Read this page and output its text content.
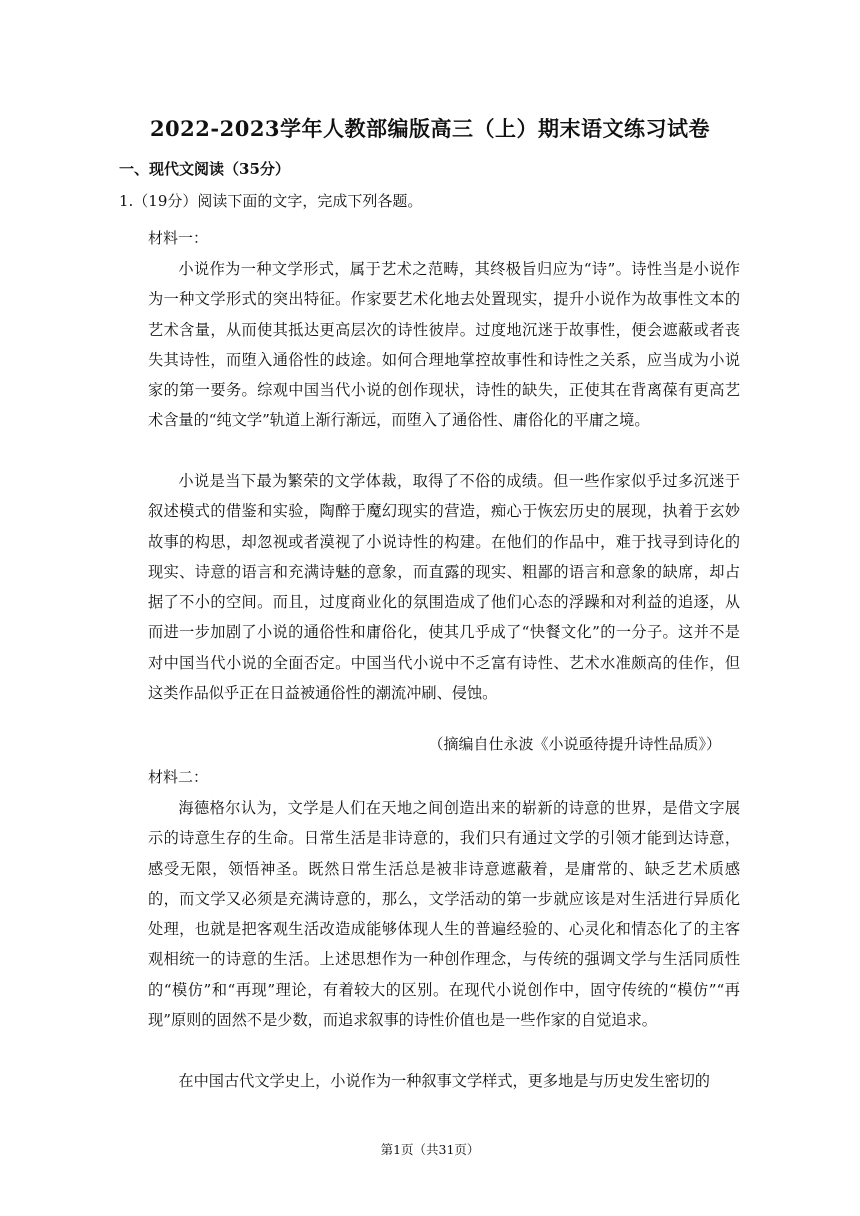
2022-2023学年人教部编版高三（上）期末语文练习试卷
一、现代文阅读（35分）
1.（19分）阅读下面的文字，完成下列各题。
材料一：

小说作为一种文学形式，属于艺术之范畴，其终极旨归应为“诗”。诗性当是小说作为一种文学形式的突出特征。作家要艺术化地去处置现实，提升小说作为故事性文本的艺术含量，从而使其抵达更高层次的诗性彼岸。过度地沉迷于故事性，便会遮蔽或者丧失其诗性，而堕入通俗性的歧途。如何合理地掌控故事性和诗性之关系，应当成为小说家的第一要务。综观中国当代小说的创作现状，诗性的缺失，正使其在背离葆有更高艺术含量的“纯文学”轨道上渐行渐远，而堕入了通俗性、庸俗化的平庸之境。

小说是当下最为繁荣的文学体裁，取得了不俗的成绩。但一些作家似乎过多沉迷于叙述模式的借鉴和实验，陶醉于魔幻现实的营造，痴心于恢宏历史的展现，执着于玄妙故事的构思，却忽视或者漠视了小说诗性的构建。在他们的作品中，难于找寻到诗化的现实、诗意的语言和充满诗魅的意象，而直露的现实、粗鄙的语言和意象的缺席，却占据了不小的空间。而且，过度商业化的氛围造成了他们心态的浮躁和对利益的追逐，从而进一步加剧了小说的通俗性和庸俗化，使其几乎成了“快餐文化”的一分子。这并不是对中国当代小说的全面否定。中国当代小说中不乏富有诗性、艺术水准颇高的佳作，但这类作品似乎正在日益被通俗性的潮流冲刷、侵蚀。

（摘编自仕永波《小说亟待提升诗性品质》）
材料二：

海德格尔认为，文学是人们在天地之间创造出来的崭新的诗意的世界，是借文字展示的诗意生存的生命。日常生活是非诗意的，我们只有通过文学的引领才能到达诗意，感受无限，领悟神圣。既然日常生活总是被非诗意遮蔽着，是庸常的、缺乏艺术质感的，而文学又必须是充满诗意的，那么，文学活动的第一步就应该是对生活进行异质化处理，也就是把客观生活改造成能够体现人生的普遍经验的、心灵化和情态化了的主客观相统一的诗意的生活。上述思想作为一种创作理念，与传统的强调文学与生活同质性的“模仿”和“再现”理论，有着较大的区别。在现代小说创作中，固守传统的“模仿”“再现”原则的固然不是少数，而追求叙事的诗性价值也是一些作家的自觉追求。

在中国古代文学史上，小说作为一种叙事文学样式，更多地是与历史发生密切的

第1页（共31页）
